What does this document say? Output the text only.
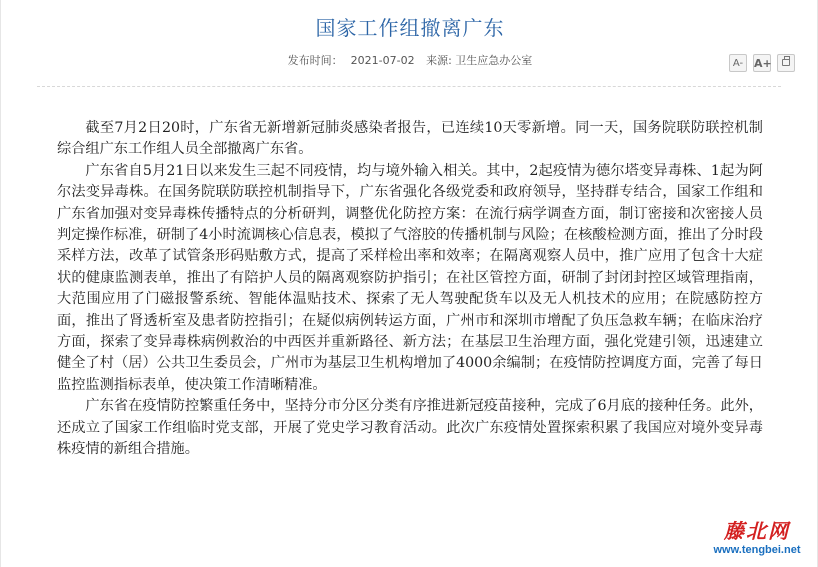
国家工作组撤离广东
发布时间： 2021-07-02 来源: 卫生应急办公室	A- A+

截至7月2日20时，广东省无新增新冠肺炎感染者报告，已连续10天零新增。同一天，国务院联防联控机制综合组广东工作组人员全部撤离广东省。

广东省自5月21日以来发生三起不同疫情，均与境外输入相关。其中，2起疫情为德尔塔变异毒株、1起为阿尔法变异毒株。在国务院联防联控机制指导下，广东省强化各级党委和政府领导，坚持群专结合，国家工作组和广东省加强对变异毒株传播特点的分析研判，调整优化防控方案：在流行病学调查方面，制订密接和次密接人员判定操作标准，研制了4小时流调核心信息表，模拟了气溶胶的传播机制与风险；在核酸检测方面，推出了分时段采样方法，改革了试管条形码贴敷方式，提高了采样检出率和效率；在隔离观察人员中，推广应用了包含十大症状的健康监测表单，推出了有陪护人员的隔离观察防护指引；在社区管控方面，研制了封闭封控区域管理指南，大范围应用了门磁报警系统、智能体温贴技术、探索了无人驾驶配货车以及无人机技术的应用；在院感防控方面，推出了肾透析室及患者防控指引；在疑似病例转运方面，广州市和深圳市增配了负压急救车辆；在临床治疗方面，探索了变异毒株病例救治的中西医并重新路径、新方法；在基层卫生治理方面，强化党建引领，迅速建立健全了村（居）公共卫生委员会，广州市为基层卫生机构增加了4000余编制；在疫情防控调度方面，完善了每日监控监测指标表单，使决策工作清晰精准。

广东省在疫情防控繁重任务中，坚持分市分区分类有序推进新冠疫苗接种，完成了6月底的接种任务。此外，还成立了国家工作组临时党支部，开展了党史学习教育活动。此次广东疫情处置探索积累了我国应对境外变异毒株疫情的新组合措施。

藤北网
www.tengbei.net
